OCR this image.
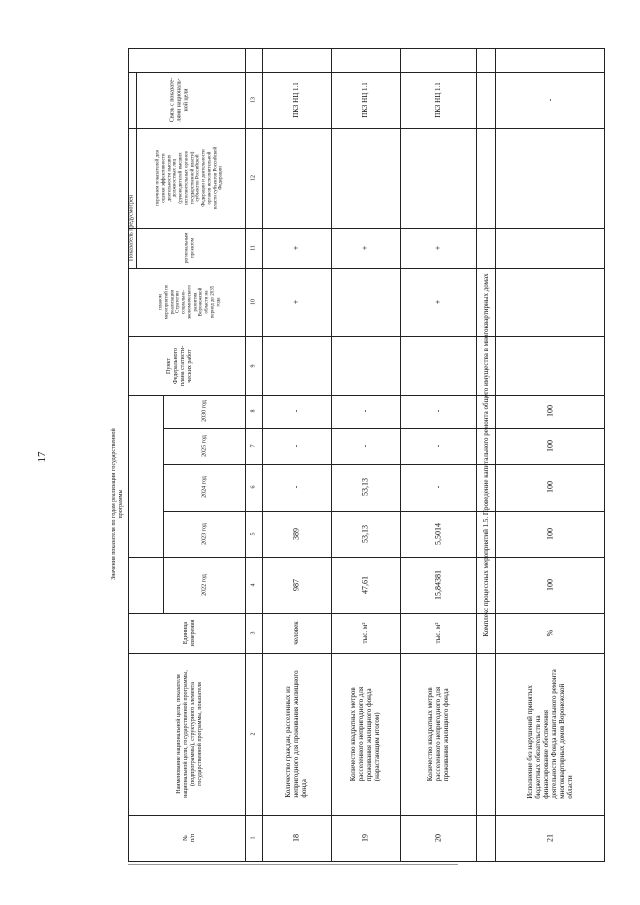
17
№
п/п
Наименование национальной цели, показателя
национальной цели, государственной программы,
(подпрограммы), структурного элемента
государственной программы, показателя
Единица
измерения
Значения показателя по годам реализации государственной
программы
2022 год
2023 год
2024 год
2025 год
2030 год
Пункт
Федерального
плана статисти-
ческих работ
Показатель предусмотрен
планом
мероприятий по
реализации
Стратегии
социально-
экономического
развития
Воронежской
области на
период до 2035
года
региональным
проектом
перечнем показателей для
оценки эффективности
деятельности высших
должностных лиц
(руководителей высших
исполнительных органов
государственной власти)
субъектов Российской
Федерации и деятельности
органов исполнительной
власти субъектов Российской
Федерации
Связь с показате-
лями националь-
ной цели
1
2
3
4
5
6
7
8
9
10
11
12
13
18
Количество граждан, расселенных из
непригодного для проживания жилищного
фонда
человек
987
389
-
-
-
+
+
ПКЗ НЦ 1.1
19
Количество квадратных метров
расселенного непригодного для
проживания жилищного фонда
(нарастающим итогом)
тыс. м²
47,61
53,13
53,13
-
-
+
ПКЗ НЦ 1.1
20
Количество квадратных метров
расселенного непригодного для
проживания жилищного фонда
тыс. м²
15,84381
5,5014
-
-
-
+
+
ПКЗ НЦ 1.1
Комплекс процессных мероприятий 1.5. Проведение капитального ремонта общего имущества в многоквартирных домах
21
Исполнение без нарушений принятых
бюджетных обязательств на
финансирование обеспечения
деятельности Фонда капитального ремонта
многоквартирных домов Воронежской
области
%
100
100
100
100
100
-
